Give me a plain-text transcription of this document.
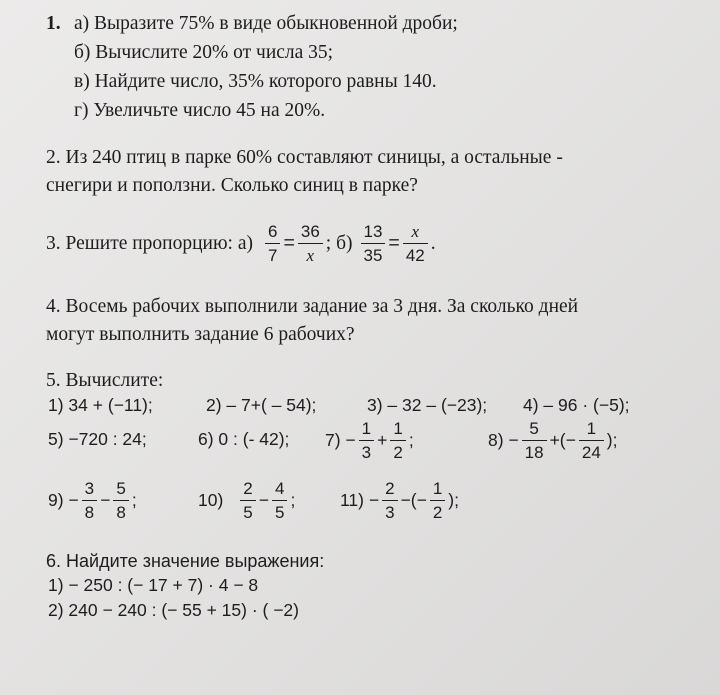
1. а) Выразите 75% в виде обыкновенной дроби;
б) Вычислите 20% от числа 35;
в) Найдите число, 35% которого равны 140.
г) Увеличьте число 45 на 20%.
2. Из 240 птиц в парке 60% составляют синицы, а остальные -
снегири и поползни. Сколько синиц в парке?
3. Решите пропорцию: $а) \frac{6}{7} = \frac{36}{x}$ ; $б) \frac{13}{35} = \frac{x}{42}$ .
4. Восемь рабочих выполнили задание за 3 дня. За сколько дней
могут выполнить задание 6 рабочих?
5. Вычислите:
1) 34 + (−11);	2) – 7+( – 54);	3) – 32 – (−23); 4) – 96 · (−5);
5) −720 : 24;	6) 0 : (- 42); $7) - \frac{1}{3} + \frac{1}{2}$ ;	$8) - \frac{5}{18}$ +(− $\frac{1}{24}$ );
$9) - \frac{3}{8} - \frac{5}{8}$ ;	$10) \frac{2}{5} - \frac{4}{5}$ ;	$11) - \frac{2}{3}$ −(− $\frac{1}{2}$ );
6. Найдите значение выражения:
1) − 250 : (− 17 + 7) · 4 − 8
2) 240 − 240 : (− 55 + 15) · ( −2)
